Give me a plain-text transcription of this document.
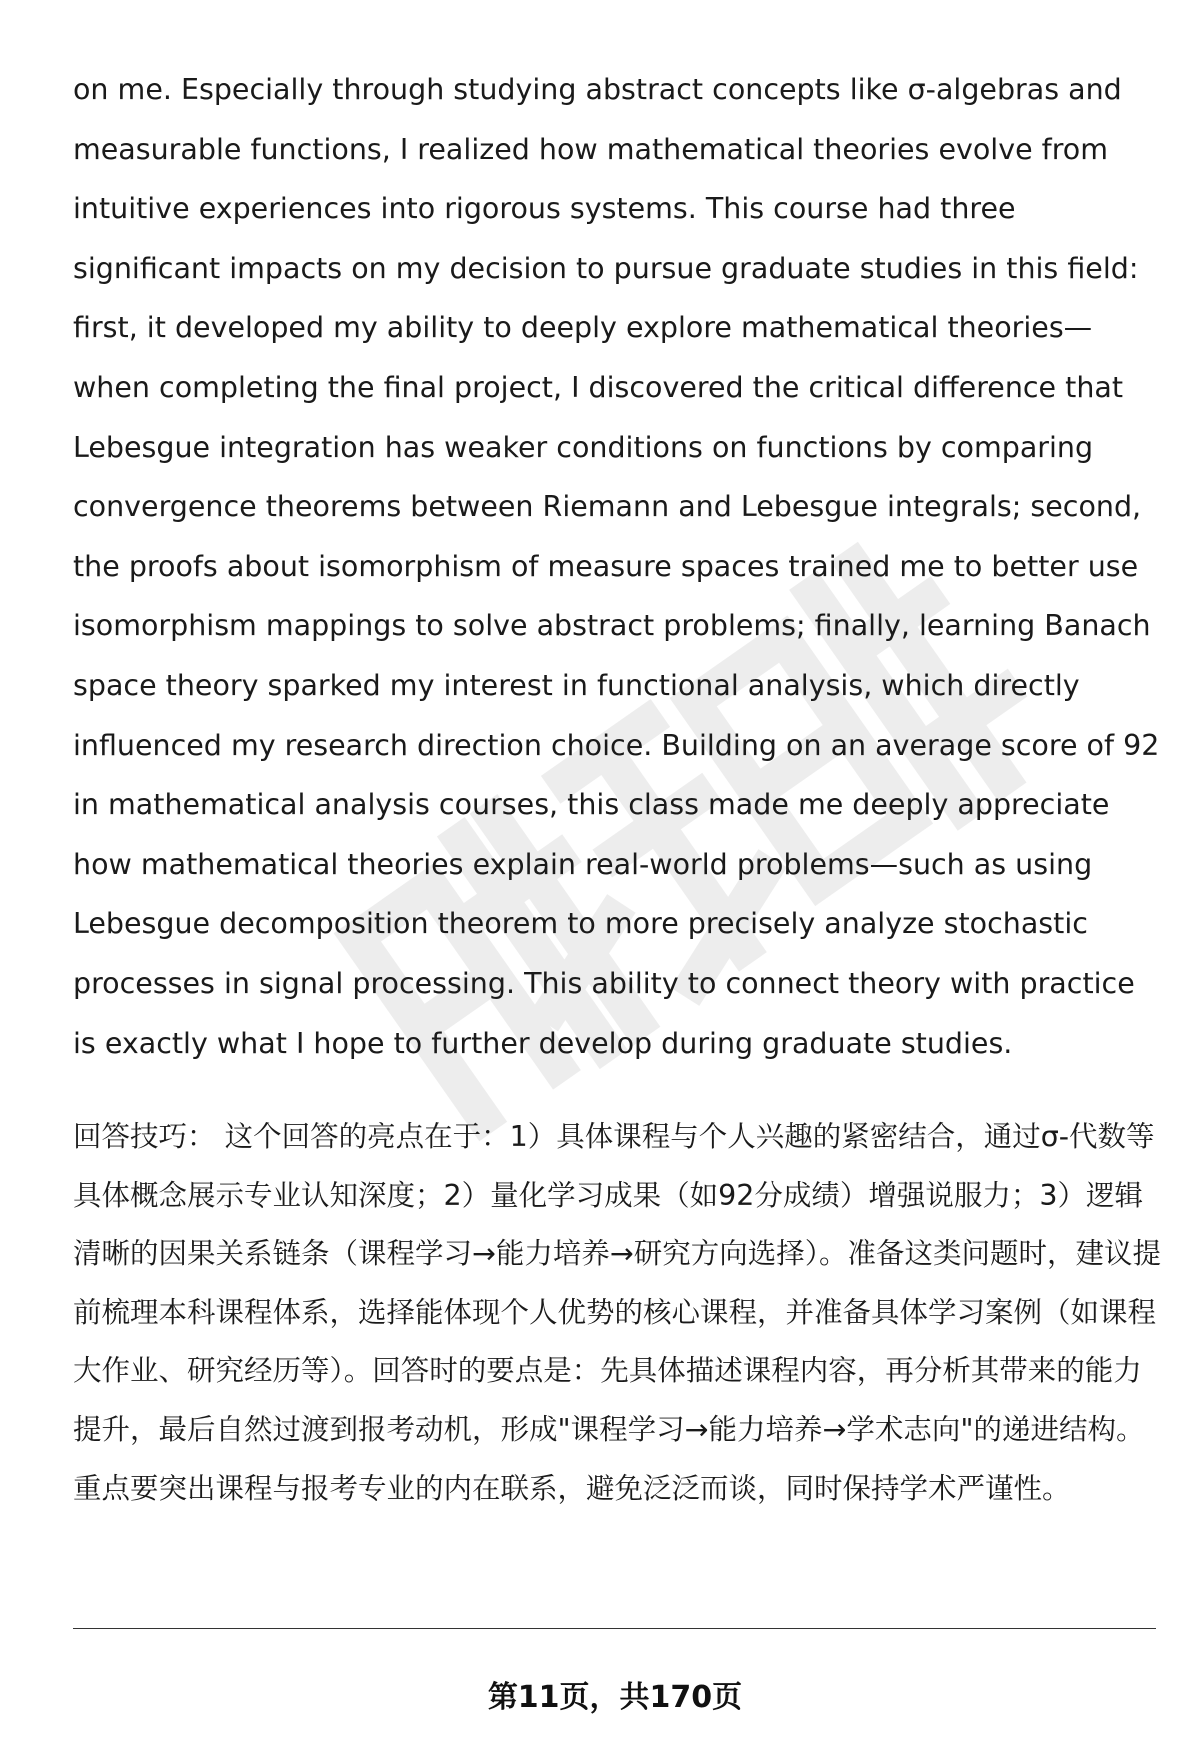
on me. Especially through studying abstract concepts like σ-algebras and measurable functions, I realized how mathematical theories evolve from intuitive experiences into rigorous systems. This course had three significant impacts on my decision to pursue graduate studies in this field: first, it developed my ability to deeply explore mathematical theories—when completing the final project, I discovered the critical difference that Lebesgue integration has weaker conditions on functions by comparing convergence theorems between Riemann and Lebesgue integrals; second, the proofs about isomorphism of measure spaces trained me to better use isomorphism mappings to solve abstract problems; finally, learning Banach space theory sparked my interest in functional analysis, which directly influenced my research direction choice. Building on an average score of 92 in mathematical analysis courses, this class made me deeply appreciate how mathematical theories explain real-world problems—such as using Lebesgue decomposition theorem to more precisely analyze stochastic processes in signal processing. This ability to connect theory with practice is exactly what I hope to further develop during graduate studies.

回答技巧： 这个回答的亮点在于：1）具体课程与个人兴趣的紧密结合，通过σ-代数等具体概念展示专业认知深度；2）量化学习成果（如92分成绩）增强说服力；3）逻辑清晰的因果关系链条（课程学习→能力培养→研究方向选择）。准备这类问题时，建议提前梳理本科课程体系，选择能体现个人优势的核心课程，并准备具体学习案例（如课程大作业、研究经历等）。回答时的要点是：先具体描述课程内容，再分析其带来的能力提升，最后自然过渡到报考动机，形成"课程学习→能力培养→学术志向"的递进结构。重点要突出课程与报考专业的内在联系，避免泛泛而谈，同时保持学术严谨性。

第11页，共170页
